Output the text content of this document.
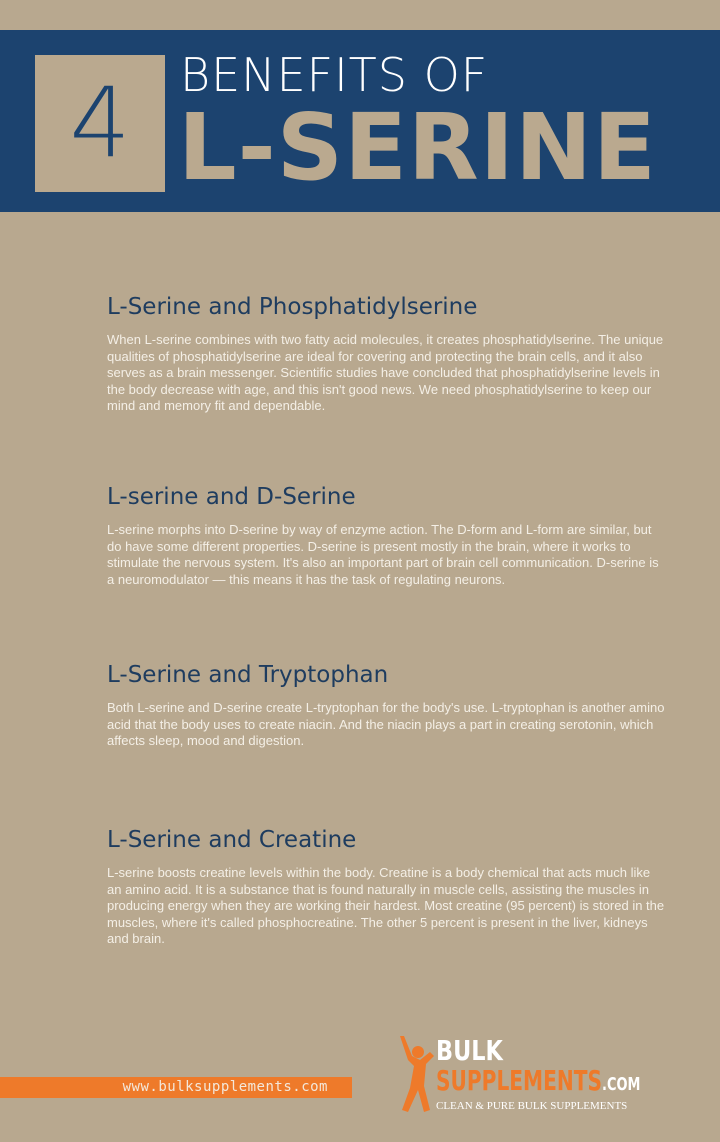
4	BENEFITS OF
L-SERINE
L-Serine and Phosphatidylserine

When L-serine combines with two fatty acid molecules, it creates phosphatidylserine. The unique qualities of phosphatidylserine are ideal for covering and protecting the brain cells, and it also serves as a brain messenger. Scientific studies have concluded that phosphatidylserine levels in the body decrease with age, and this isn't good news. We need phosphatidylserine to keep our mind and memory fit and dependable.

L-serine and D-Serine

L-serine morphs into D-serine by way of enzyme action. The D-form and L-form are similar, but do have some different properties. D-serine is present mostly in the brain, where it works to stimulate the nervous system. It's also an important part of brain cell communication. D-serine is a neuromodulator — this means it has the task of regulating neurons.

L-Serine and Tryptophan

Both L-serine and D-serine create L-tryptophan for the body's use. L-tryptophan is another amino acid that the body uses to create niacin. And the niacin plays a part in creating serotonin, which affects sleep, mood and digestion.

L-Serine and Creatine

L-serine boosts creatine levels within the body. Creatine is a body chemical that acts much like an amino acid. It is a substance that is found naturally in muscle cells, assisting the muscles in producing energy when they are working their hardest. Most creatine (95 percent) is stored in the muscles, where it's called phosphocreatine. The other 5 percent is present in the liver, kidneys and brain.

www.bulksupplements.com
BULK
SUPPLEMENTS.COM
CLEAN & PURE BULK SUPPLEMENTS
